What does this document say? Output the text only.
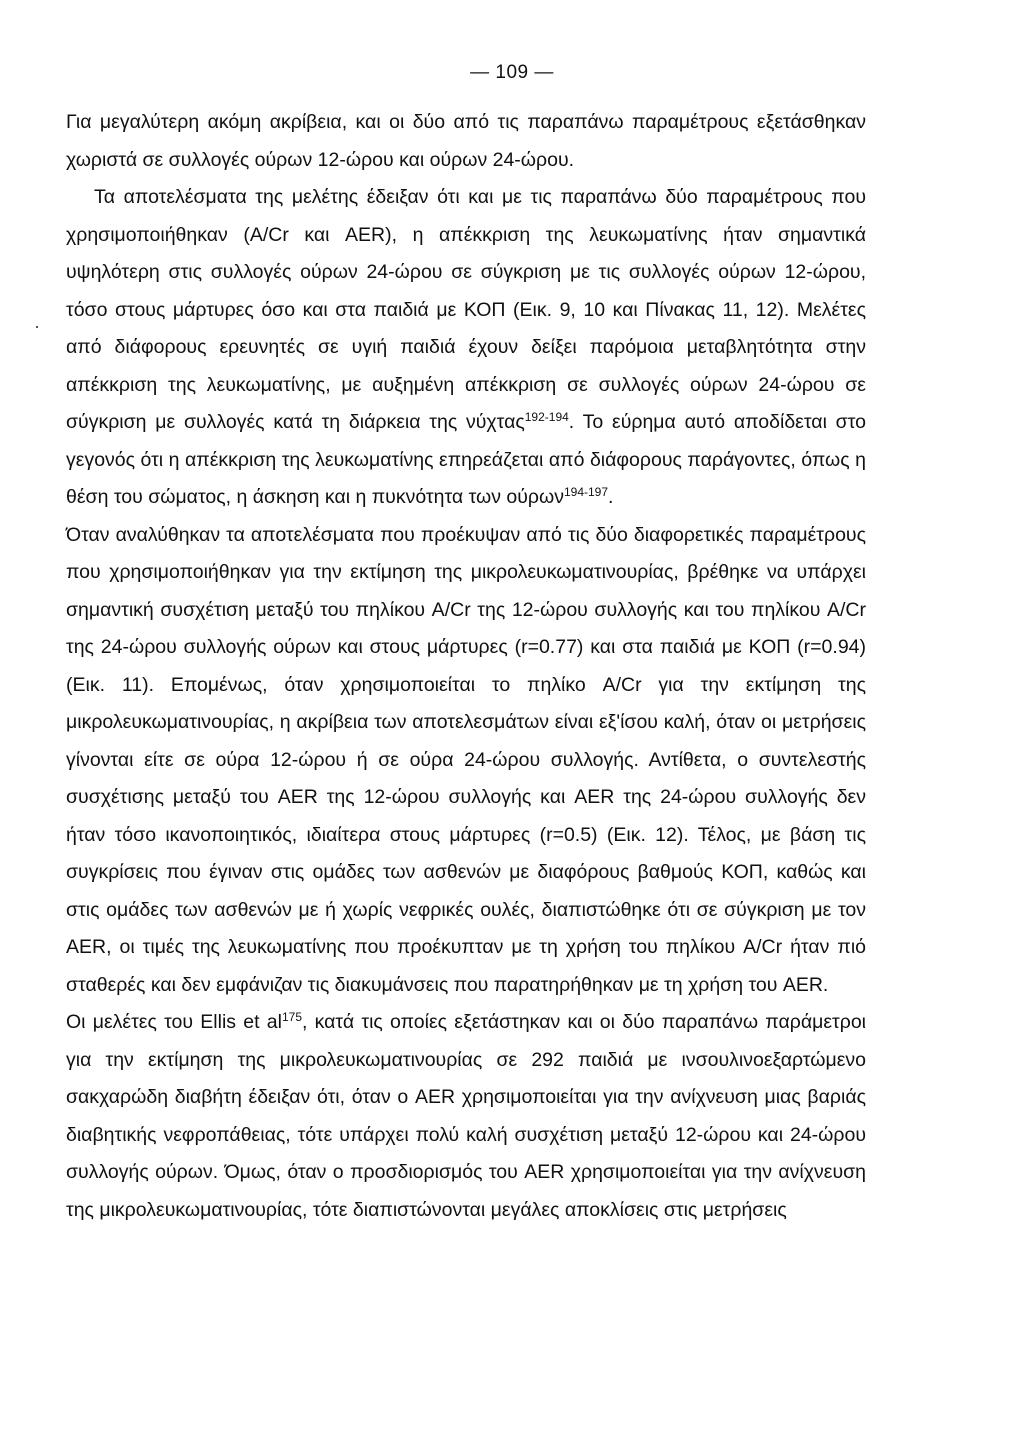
— 109 —

Για μεγαλύτερη ακόμη ακρίβεια, και οι δύο από τις παραπάνω παραμέτρους εξετάσθηκαν χωριστά σε συλλογές ούρων 12-ώρου και ούρων 24-ώρου.

Τα αποτελέσματα της μελέτης έδειξαν ότι και με τις παραπάνω δύο παραμέτρους που χρησιμοποιήθηκαν (A/Cr και AER), η απέκκριση της λευκωματίνης ήταν σημαντικά υψηλότερη στις συλλογές ούρων 24-ώρου σε σύγκριση με τις συλλογές ούρων 12-ώρου, τόσο στους μάρτυρες όσο και στα παιδιά με ΚΟΠ (Εικ. 9, 10 και Πίνακας 11, 12). Μελέτες από διάφορους ερευνητές σε υγιή παιδιά έχουν δείξει παρόμοια μεταβλητότητα στην απέκκριση της λευκωματίνης, με αυξημένη απέκκριση σε συλλογές ούρων 24-ώρου σε σύγκριση με συλλογές κατά τη διάρκεια της νύχτας$^{192-194}$. Το εύρημα αυτό αποδίδεται στο γεγονός ότι η απέκκριση της λευκωματίνης επηρεάζεται από διάφορους παράγοντες, όπως η θέση του σώματος, η άσκηση και η πυκνότητα των ούρων$^{194-197}$.

Όταν αναλύθηκαν τα αποτελέσματα που προέκυψαν από τις δύο διαφορετικές παραμέτρους που χρησιμοποιήθηκαν για την εκτίμηση της μικρολευκωματινουρίας, βρέθηκε να υπάρχει σημαντική συσχέτιση μεταξύ του πηλίκου A/Cr της 12-ώρου συλλογής και του πηλίκου A/Cr της 24-ώρου συλλογής ούρων και στους μάρτυρες (r=0.77) και στα παιδιά με ΚΟΠ (r=0.94) (Εικ. 11). Επομένως, όταν χρησιμοποιείται το πηλίκο A/Cr για την εκτίμηση της μικρολευκωματινουρίας, η ακρίβεια των αποτελεσμάτων είναι εξ'ίσου καλή, όταν οι μετρήσεις γίνονται είτε σε ούρα 12-ώρου ή σε ούρα 24-ώρου συλλογής. Αντίθετα, ο συντελεστής συσχέτισης μεταξύ του AER της 12-ώρου συλλογής και AER της 24-ώρου συλλογής δεν ήταν τόσο ικανοποιητικός, ιδιαίτερα στους μάρτυρες (r=0.5) (Εικ. 12). Τέλος, με βάση τις συγκρίσεις που έγιναν στις ομάδες των ασθενών με διαφόρους βαθμούς ΚΟΠ, καθώς και στις ομάδες των ασθενών με ή χωρίς νεφρικές ουλές, διαπιστώθηκε ότι σε σύγκριση με τον AER, οι τιμές της λευκωματίνης που προέκυπταν με τη χρήση του πηλίκου A/Cr ήταν πιό σταθερές και δεν εμφάνιζαν τις διακυμάνσεις που παρατηρήθηκαν με τη χρήση του AER.

Οι μελέτες του Ellis et $al^{175}$, κατά τις οποίες εξετάστηκαν και οι δύο παραπάνω παράμετροι για την εκτίμηση της μικρολευκωματινουρίας σε 292 παιδιά με ινσουλινοεξαρτώμενο σακχαρώδη διαβήτη έδειξαν ότι, όταν ο AER χρησιμοποιείται για την ανίχνευση μιας βαριάς διαβητικής νεφροπάθειας, τότε υπάρχει πολύ καλή συσχέτιση μεταξύ 12-ώρου και 24-ώρου συλλογής ούρων. Όμως, όταν ο προσδιορισμός του AER χρησιμοποιείται για την ανίχνευση της μικρολευκωματινουρίας, τότε διαπιστώνονται μεγάλες αποκλίσεις στις μετρήσεις
